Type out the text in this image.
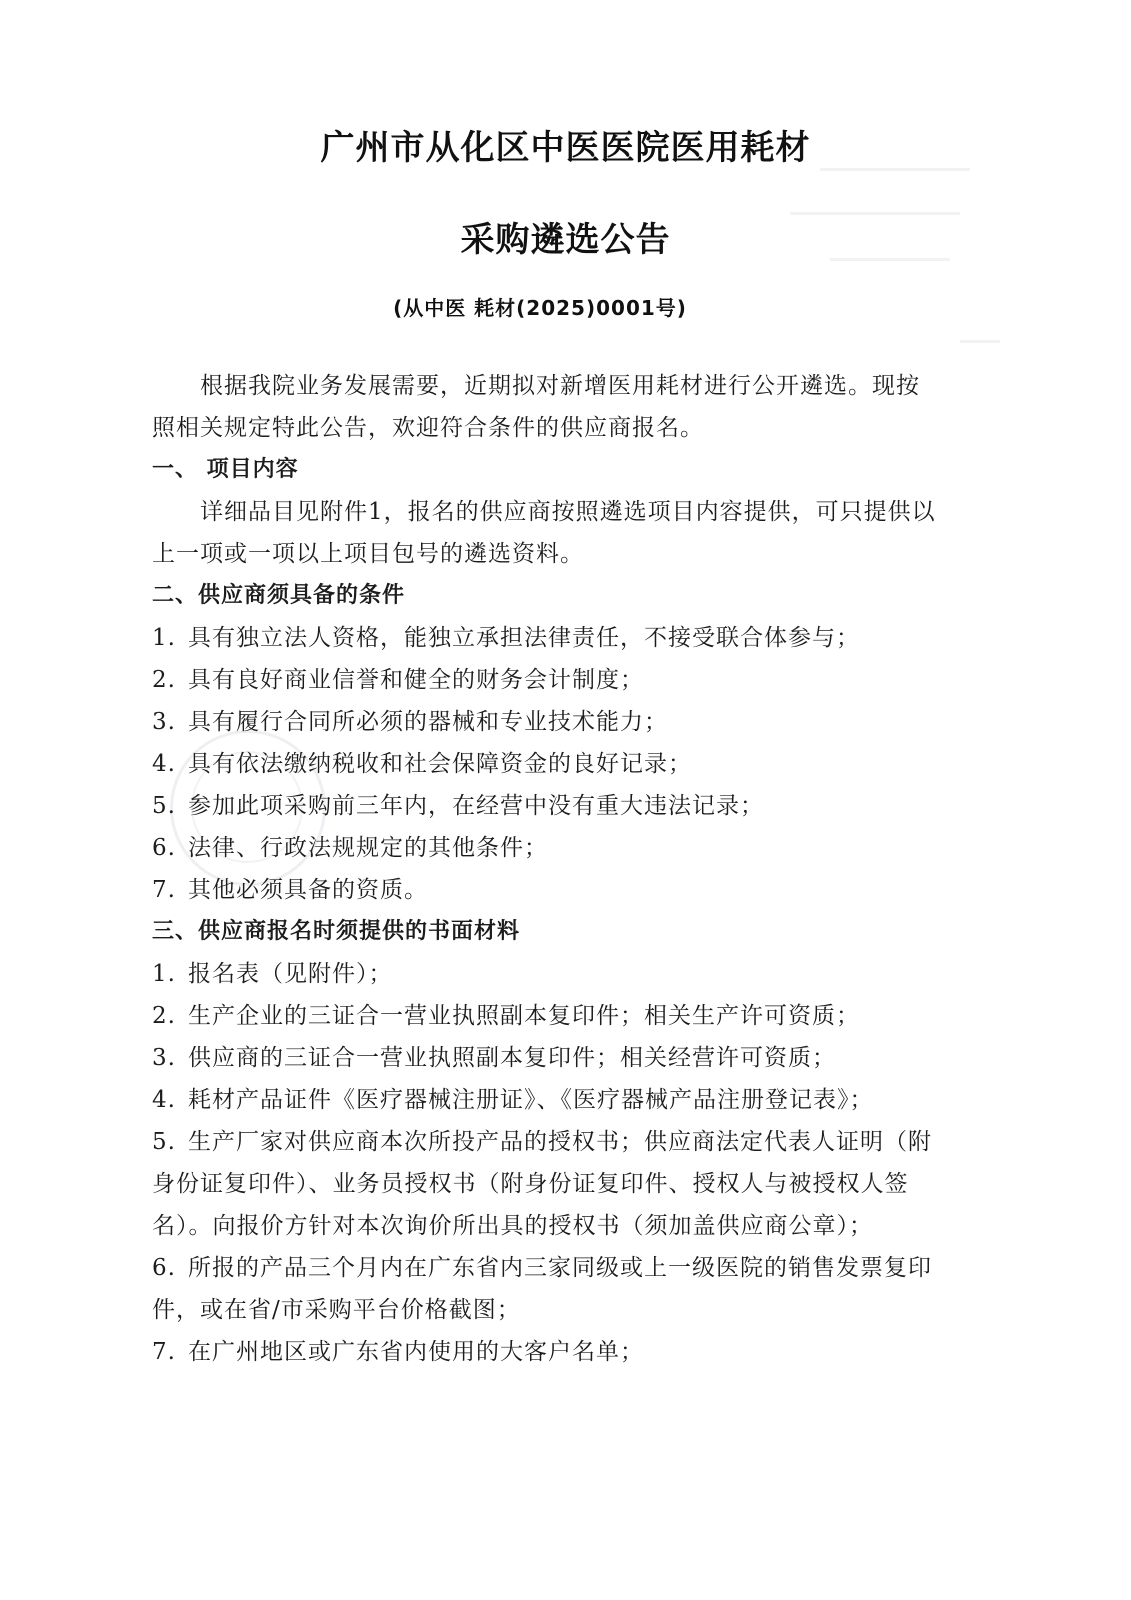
广州市从化区中医医院医用耗材
采购遴选公告
(从中医 耗材(2025)0001号)

根据我院业务发展需要，近期拟对新增医用耗材进行公开遴选。现按照相关规定特此公告，欢迎符合条件的供应商报名。

一、 项目内容

详细品目见附件1，报名的供应商按照遴选项目内容提供，可只提供以上一项或一项以上项目包号的遴选资料。

二、供应商须具备的条件

1. 具有独立法人资格，能独立承担法律责任，不接受联合体参与；

2. 具有良好商业信誉和健全的财务会计制度；

3. 具有履行合同所必须的器械和专业技术能力；

4. 具有依法缴纳税收和社会保障资金的良好记录；

5. 参加此项采购前三年内，在经营中没有重大违法记录；

6. 法律、行政法规规定的其他条件；

7. 其他必须具备的资质。

三、供应商报名时须提供的书面材料

1. 报名表（见附件）；

2. 生产企业的三证合一营业执照副本复印件；相关生产许可资质；

3. 供应商的三证合一营业执照副本复印件；相关经营许可资质；

4. 耗材产品证件《医疗器械注册证》、《医疗器械产品注册登记表》；

5. 生产厂家对供应商本次所投产品的授权书；供应商法定代表人证明（附身份证复印件）、业务员授权书（附身份证复印件、授权人与被授权人签名）。向报价方针对本次询价所出具的授权书（须加盖供应商公章）；

6. 所报的产品三个月内在广东省内三家同级或上一级医院的销售发票复印件，或在省/市采购平台价格截图；

7. 在广州地区或广东省内使用的大客户名单；
